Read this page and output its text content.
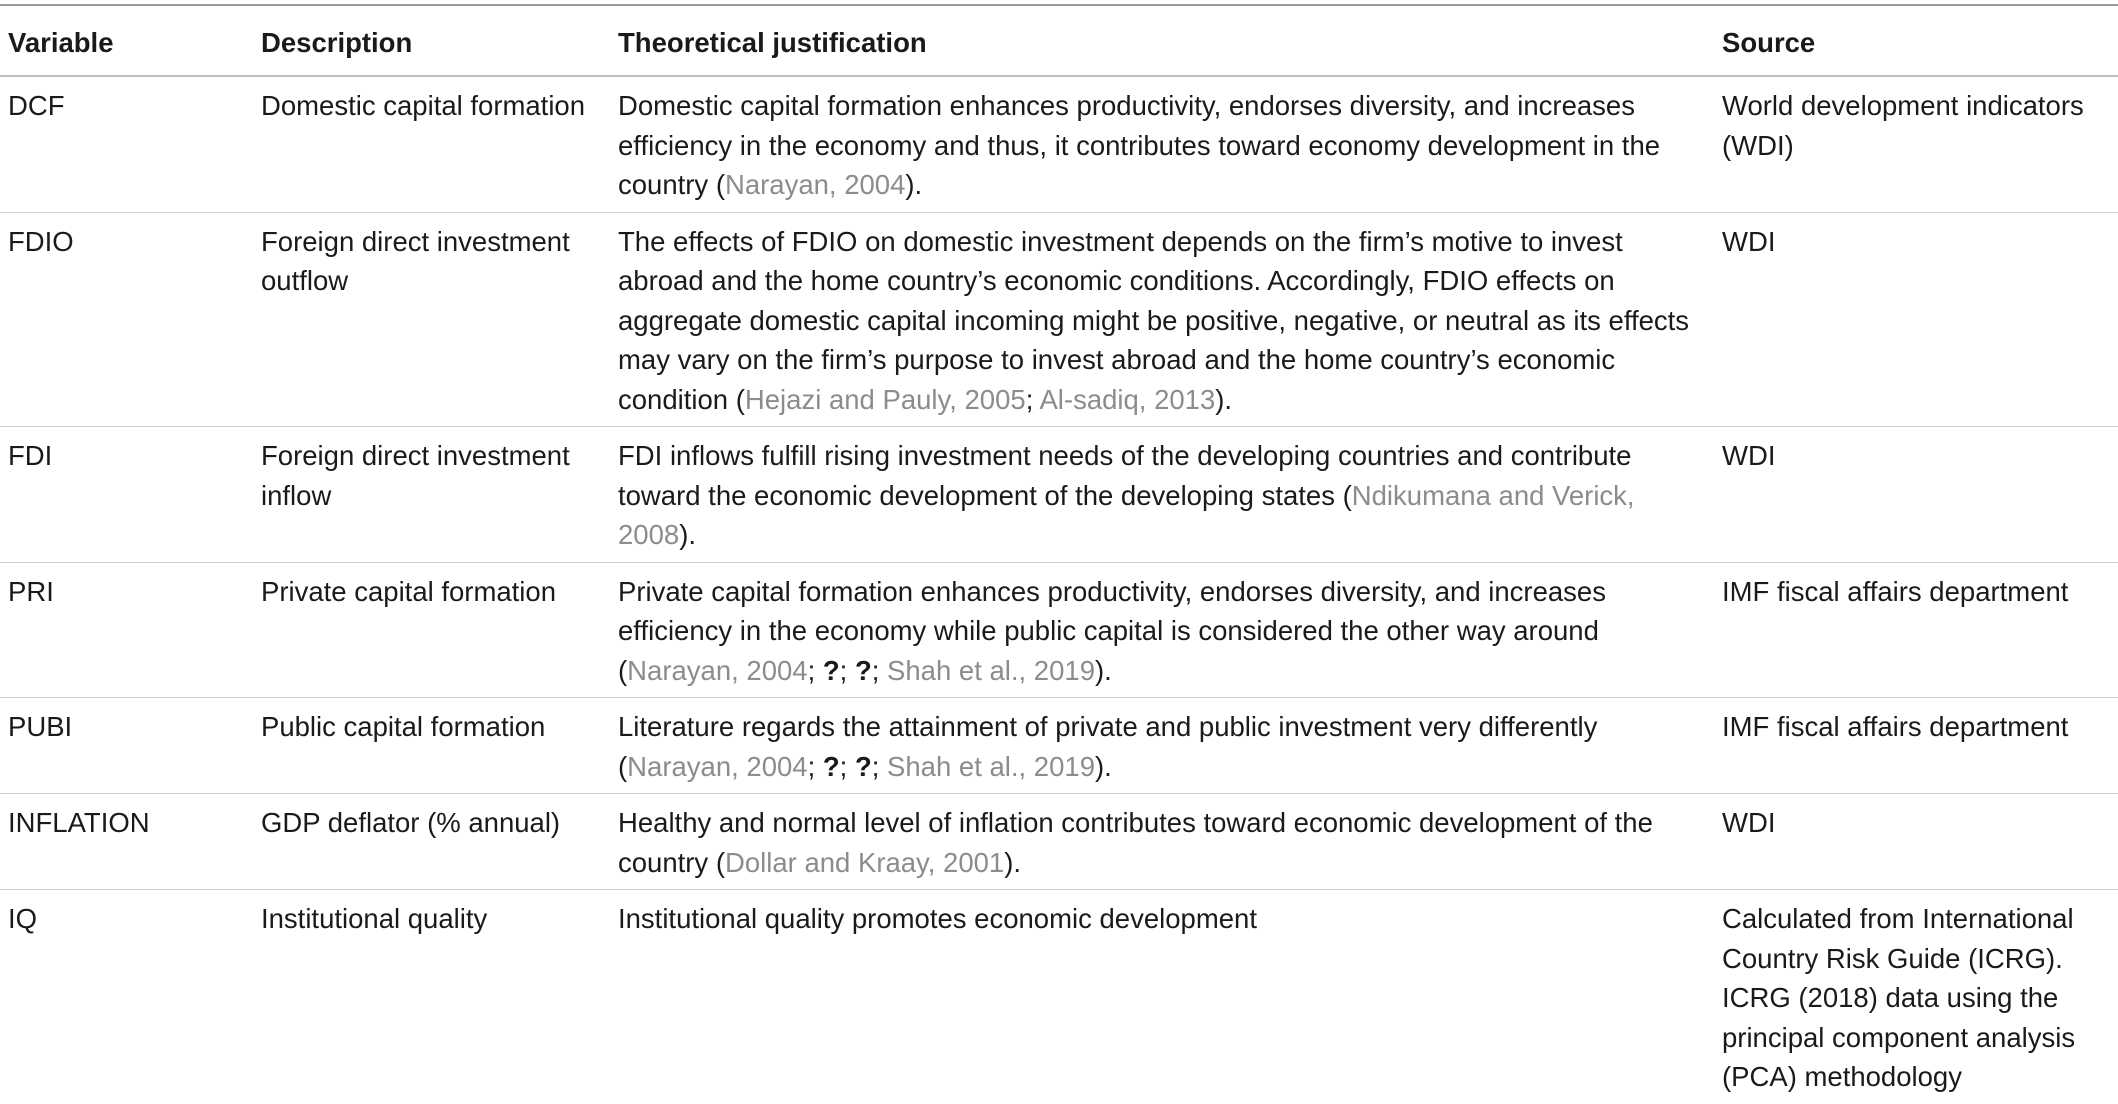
Variable	Description	Theoretical justification	Source
DCF	Domestic capital formation	Domestic capital formation enhances productivity, endorses diversity, and increases efficiency in the economy and thus, it contributes toward economy development in the country (Narayan, 2004).	World development indicators (WDI)
FDIO	Foreign direct investment outflow	The effects of FDIO on domestic investment depends on the firm’s motive to invest abroad and the home country’s economic conditions. Accordingly, FDIO effects on aggregate domestic capital incoming might be positive, negative, or neutral as its effects may vary on the firm’s purpose to invest abroad and the home country’s economic condition (Hejazi and Pauly, 2005; Al-sadiq, 2013).	WDI
FDI	Foreign direct investment inflow	FDI inflows fulfill rising investment needs of the developing countries and contribute toward the economic development of the developing states (Ndikumana and Verick, 2008).	WDI
PRI	Private capital formation	Private capital formation enhances productivity, endorses diversity, and increases efficiency in the economy while public capital is considered the other way around (Narayan, 2004; ?; ?; Shah et al., 2019).	IMF fiscal affairs department
PUBI	Public capital formation	Literature regards the attainment of private and public investment very differently (Narayan, 2004; ?; ?; Shah et al., 2019).	IMF fiscal affairs department
INFLATION	GDP deflator (% annual)	Healthy and normal level of inflation contributes toward economic development of the country (Dollar and Kraay, 2001).	WDI
IQ	Institutional quality	Institutional quality promotes economic development	Calculated from International Country Risk Guide (ICRG). ICRG (2018) data using the principal component analysis (PCA) methodology
